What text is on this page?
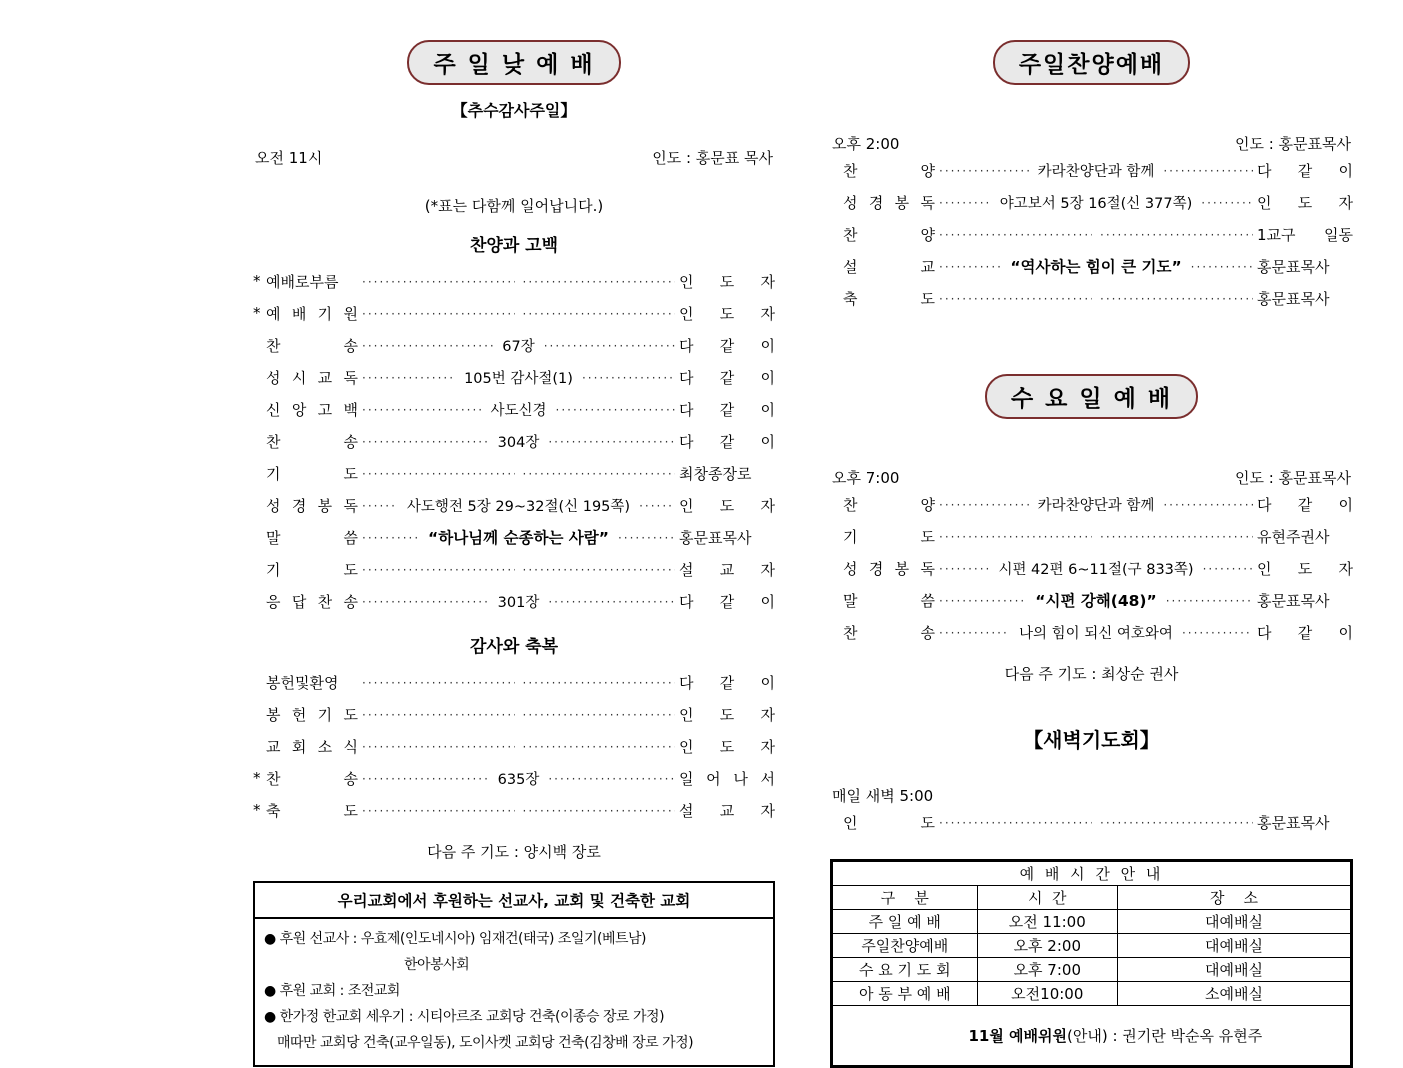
주 일 낮 예 배
【추수감사주일】
오전 11시	인도 : 홍문표 목사
(*표는 다함께 일어납니다.)
찬양과 고백
* 예배로부름 ····· ·····	인 도 자
* 예 배 기 원 ····· ·····	인 도 자
찬 송 ·····	67장 ·····	다 같 이
성 시 교 독 ·····	105번 감사절(1) ·····	다 같 이
신 앙 고 백 ·····	사도신경 ·····	다 같 이
찬 송 ·····	304장 ·····	다 같 이
기 도 ····· ·····	최창종장로
성 경 봉 독 ·····	사도행전 5장 29~32절(신 195쪽) ·····	인 도 자
말 씀 ·····	“하나님께 순종하는 사람” ·····	홍문표목사
기 도 ····· ·····	설 교 자
응 답 찬 송 ·····	301장 ·····	다 같 이
감사와 축복
봉헌및환영 ····· ·····	다 같 이
봉 헌 기 도 ····· ·····	인 도 자
교 회 소 식 ····· ·····	인 도 자
* 찬 송 ·····	635장 ·····	일 어 나 서
* 축 도 ····· ·····	설 교 자
다음 주 기도 : 양시백 장로
우리교회에서 후원하는 선교사, 교회 및 건축한 교회
● 후원 선교사 : 우효제(인도네시아) 임재건(태국) 조일기(베트남)
한아봉사회
● 후원 교회 : 조전교회
● 한가정 한교회 세우기 : 시티아르조 교회당 건축(이종승 장로 가정)
매따만 교회당 건축(교우일동), 도이사켓 교회당 건축(김창배 장로 가정)
주일찬양예배
오후 2:00	인도 : 홍문표목사
찬 양 ·····	카라찬양단과 함께 ·····	다 같 이
성 경 봉 독 ·····	야고보서 5장 16절(신 377쪽) ·····	인 도 자
찬 양 ····· ·····	1교구 일동
설 교 ·····	“역사하는 힘이 큰 기도” ·····	홍문표목사
축 도 ····· ·····	홍문표목사
수 요 일 예 배
오후 7:00	인도 : 홍문표목사
찬 양 ·····	카라찬양단과 함께 ·····	다 같 이
기 도 ····· ·····	유현주권사
성 경 봉 독 ·····	시편 42편 6~11절(구 833쪽) ·····	인 도 자
말 씀 ·····	“시편 강해(48)” ·····	홍문표목사
찬 송 ·····	나의 힘이 되신 여호와여 ·····	다 같 이
다음 주 기도 : 최상순 권사
【새벽기도회】
매일 새벽 5:00
인 도 ····· ·····	홍문표목사
예 배 시 간 안 내		
구    분	시  간	장    소
주 일 예 배	오전 11:00	대예배실
주일찬양예배	오후 2:00	대예배실
수 요 기 도 회	오후 7:00	대예배실
아 동 부 예 배	오전10:00	소예배실

11월 예배위원(안내) : 권기란 박순옥 유현주		
